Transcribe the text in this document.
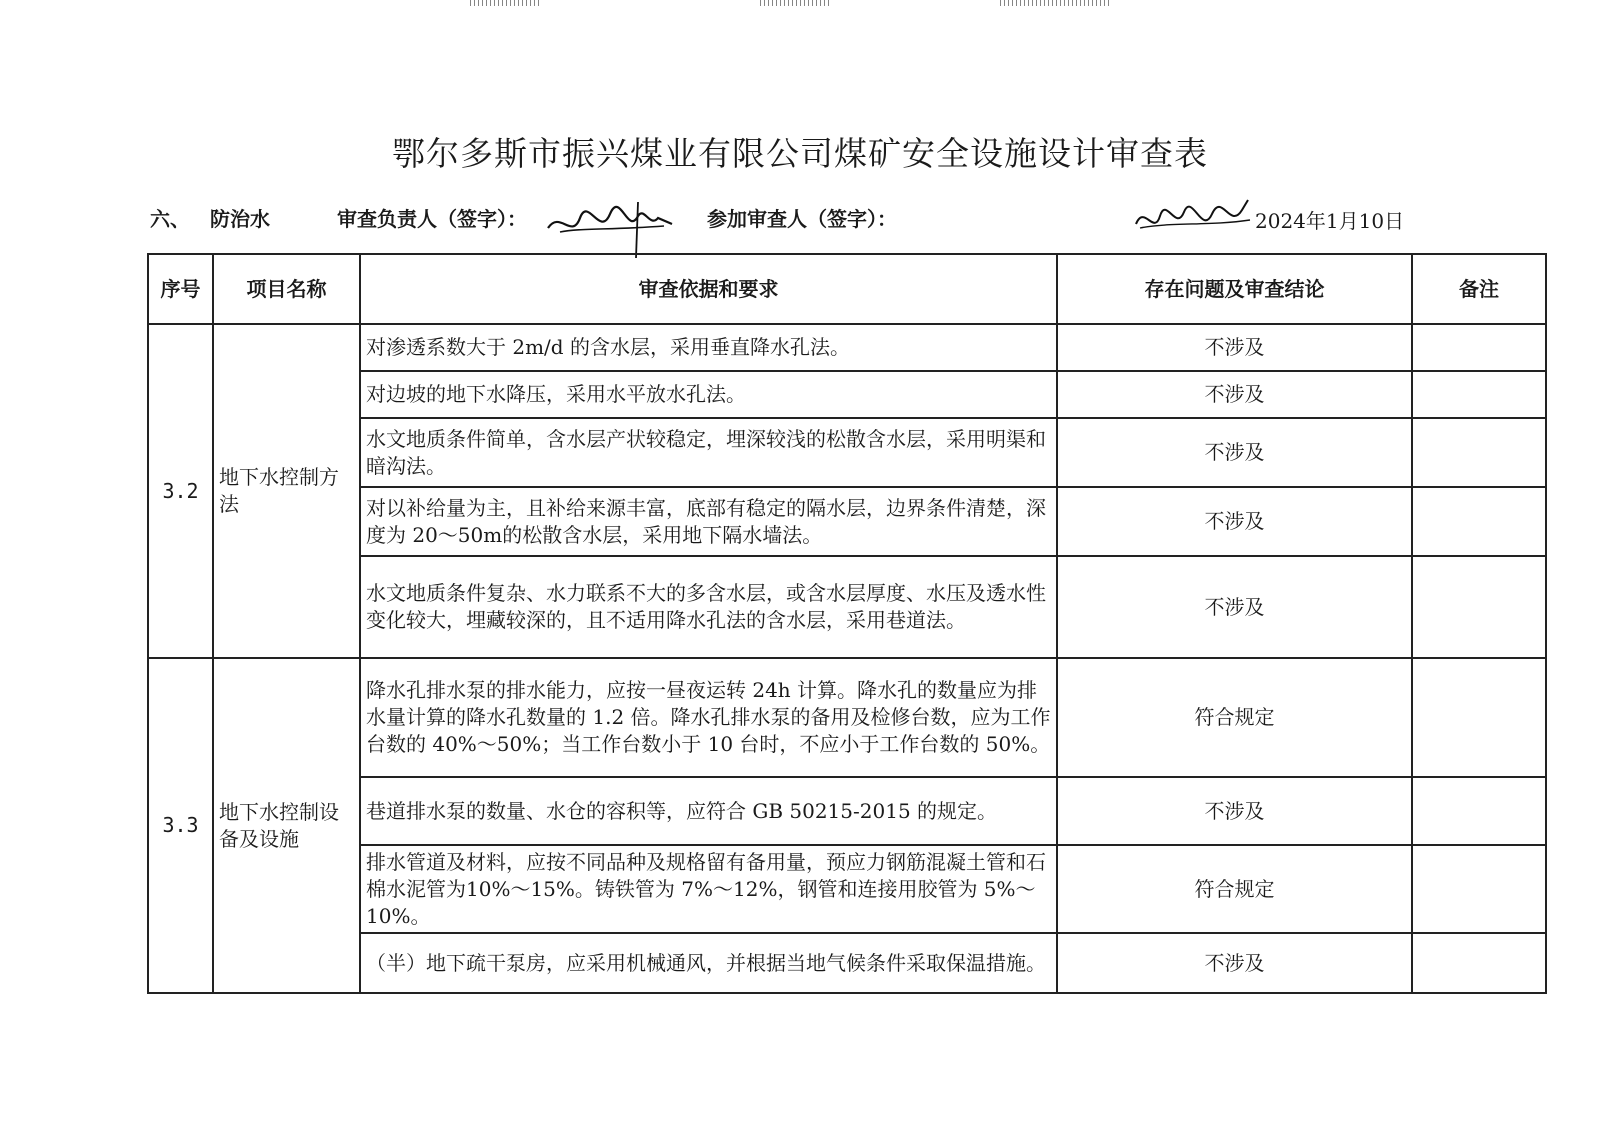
鄂尔多斯市振兴煤业有限公司煤矿安全设施设计审查表
六、 防治水	审查负责人（签字）：	参加审查人（签字）：	2024年1月10日
序号	项目名称	审查依据和要求	存在问题及审查结论	备注
3.2	地下水控制方法	对渗透系数大于 2m/d 的含水层，采用垂直降水孔法。	不涉及	
		对边坡的地下水降压，采用水平放水孔法。	不涉及	
		水文地质条件简单，含水层产状较稳定，埋深较浅的松散含水层，采用明渠和暗沟法。	不涉及	
		对以补给量为主，且补给来源丰富，底部有稳定的隔水层，边界条件清楚，深度为 20～50m的松散含水层，采用地下隔水墙法。	不涉及	
		水文地质条件复杂、水力联系不大的多含水层，或含水层厚度、水压及透水性变化较大，埋藏较深的，且不适用降水孔法的含水层，采用巷道法。	不涉及	
3.3	地下水控制设备及设施	降水孔排水泵的排水能力，应按一昼夜运转 24h 计算。降水孔的数量应为排水量计算的降水孔数量的 1.2 倍。降水孔排水泵的备用及检修台数，应为工作台数的 40%～50%；当工作台数小于 10 台时，不应小于工作台数的 50%。	符合规定	
		巷道排水泵的数量、水仓的容积等，应符合 GB 50215-2015 的规定。	不涉及	
		排水管道及材料，应按不同品种及规格留有备用量，预应力钢筋混凝土管和石棉水泥管为10%～15%。铸铁管为 7%～12%，钢管和连接用胶管为 5%～10%。	符合规定	
		（半）地下疏干泵房，应采用机械通风，并根据当地气候条件采取保温措施。	不涉及	
